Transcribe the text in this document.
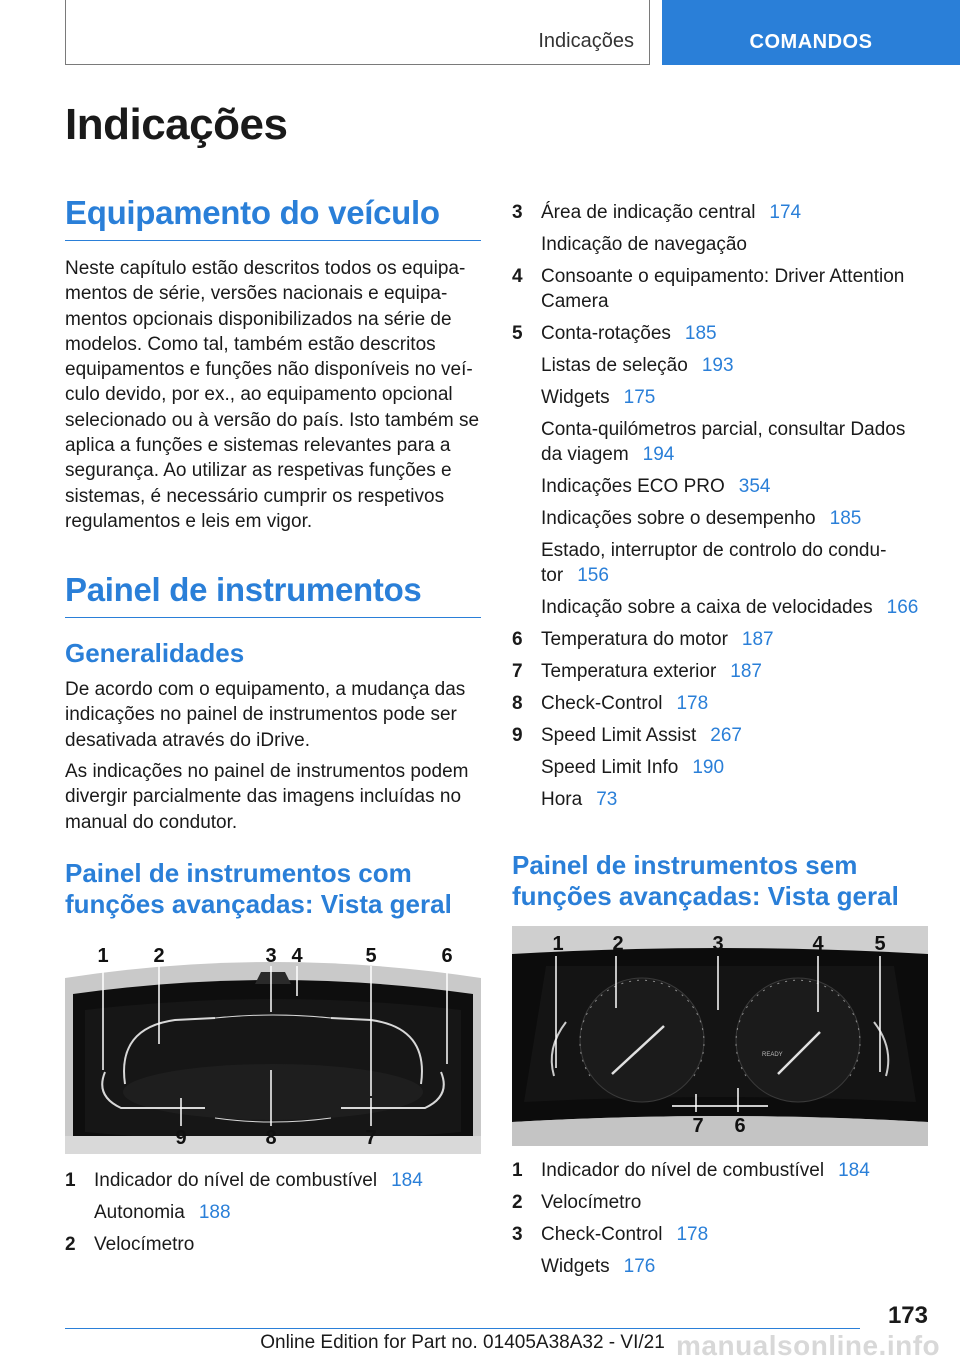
Indicações	COMANDOS
Indicações
Equipamento do veículo

Neste capítulo estão descritos todos os equipamentos de série, versões nacionais e equipamentos opcionais disponibilizados na série de modelos. Como tal, também estão descritos equipamentos e funções não disponíveis no veículo devido, por ex., ao equipamento opcional selecionado ou à versão do país. Isto também se aplica a funções e sistemas relevantes para a segurança. Ao utilizar as respetivas funções e sistemas, é necessário cumprir os respetivos regulamentos e leis em vigor.

Painel de instrumentos
Generalidades

De acordo com o equipamento, a mudança das indicações no painel de instrumentos pode ser desativada através do iDrive.

As indicações no painel de instrumentos podem divergir parcialmente das imagens incluídas no manual do condutor.

Painel de instrumentos com funções avançadas: Vista geral
1 2	3 4	5	6
9	8	7
1 Indicador do nível de combustível 184
Autonomia 188
2 Velocímetro
3 Área de indicação central 174
Indicação de navegação
4 Consoante o equipamento: Driver Attention Camera
5 Conta-rotações 185
Listas de seleção 193
Widgets 175
Conta-quilómetros parcial, consultar Dados da viagem 194
Indicações ECO PRO 354
Indicações sobre o desempenho 185
Estado, interruptor de controlo do condutor 156
Indicação sobre a caixa de velocidades 166
6 Temperatura do motor 187
7 Temperatura exterior 187
8 Check-Control 178
9 Speed Limit Assist 267
Speed Limit Info 190
Hora 73
Painel de instrumentos sem funções avançadas: Vista geral
READY
1 2	3	4	5
7 6
1 Indicador do nível de combustível 184
2 Velocímetro
3 Check-Control 178
Widgets 176
173
Online Edition for Part no. 01405A38A32 - VI/21 manualsonline.info
